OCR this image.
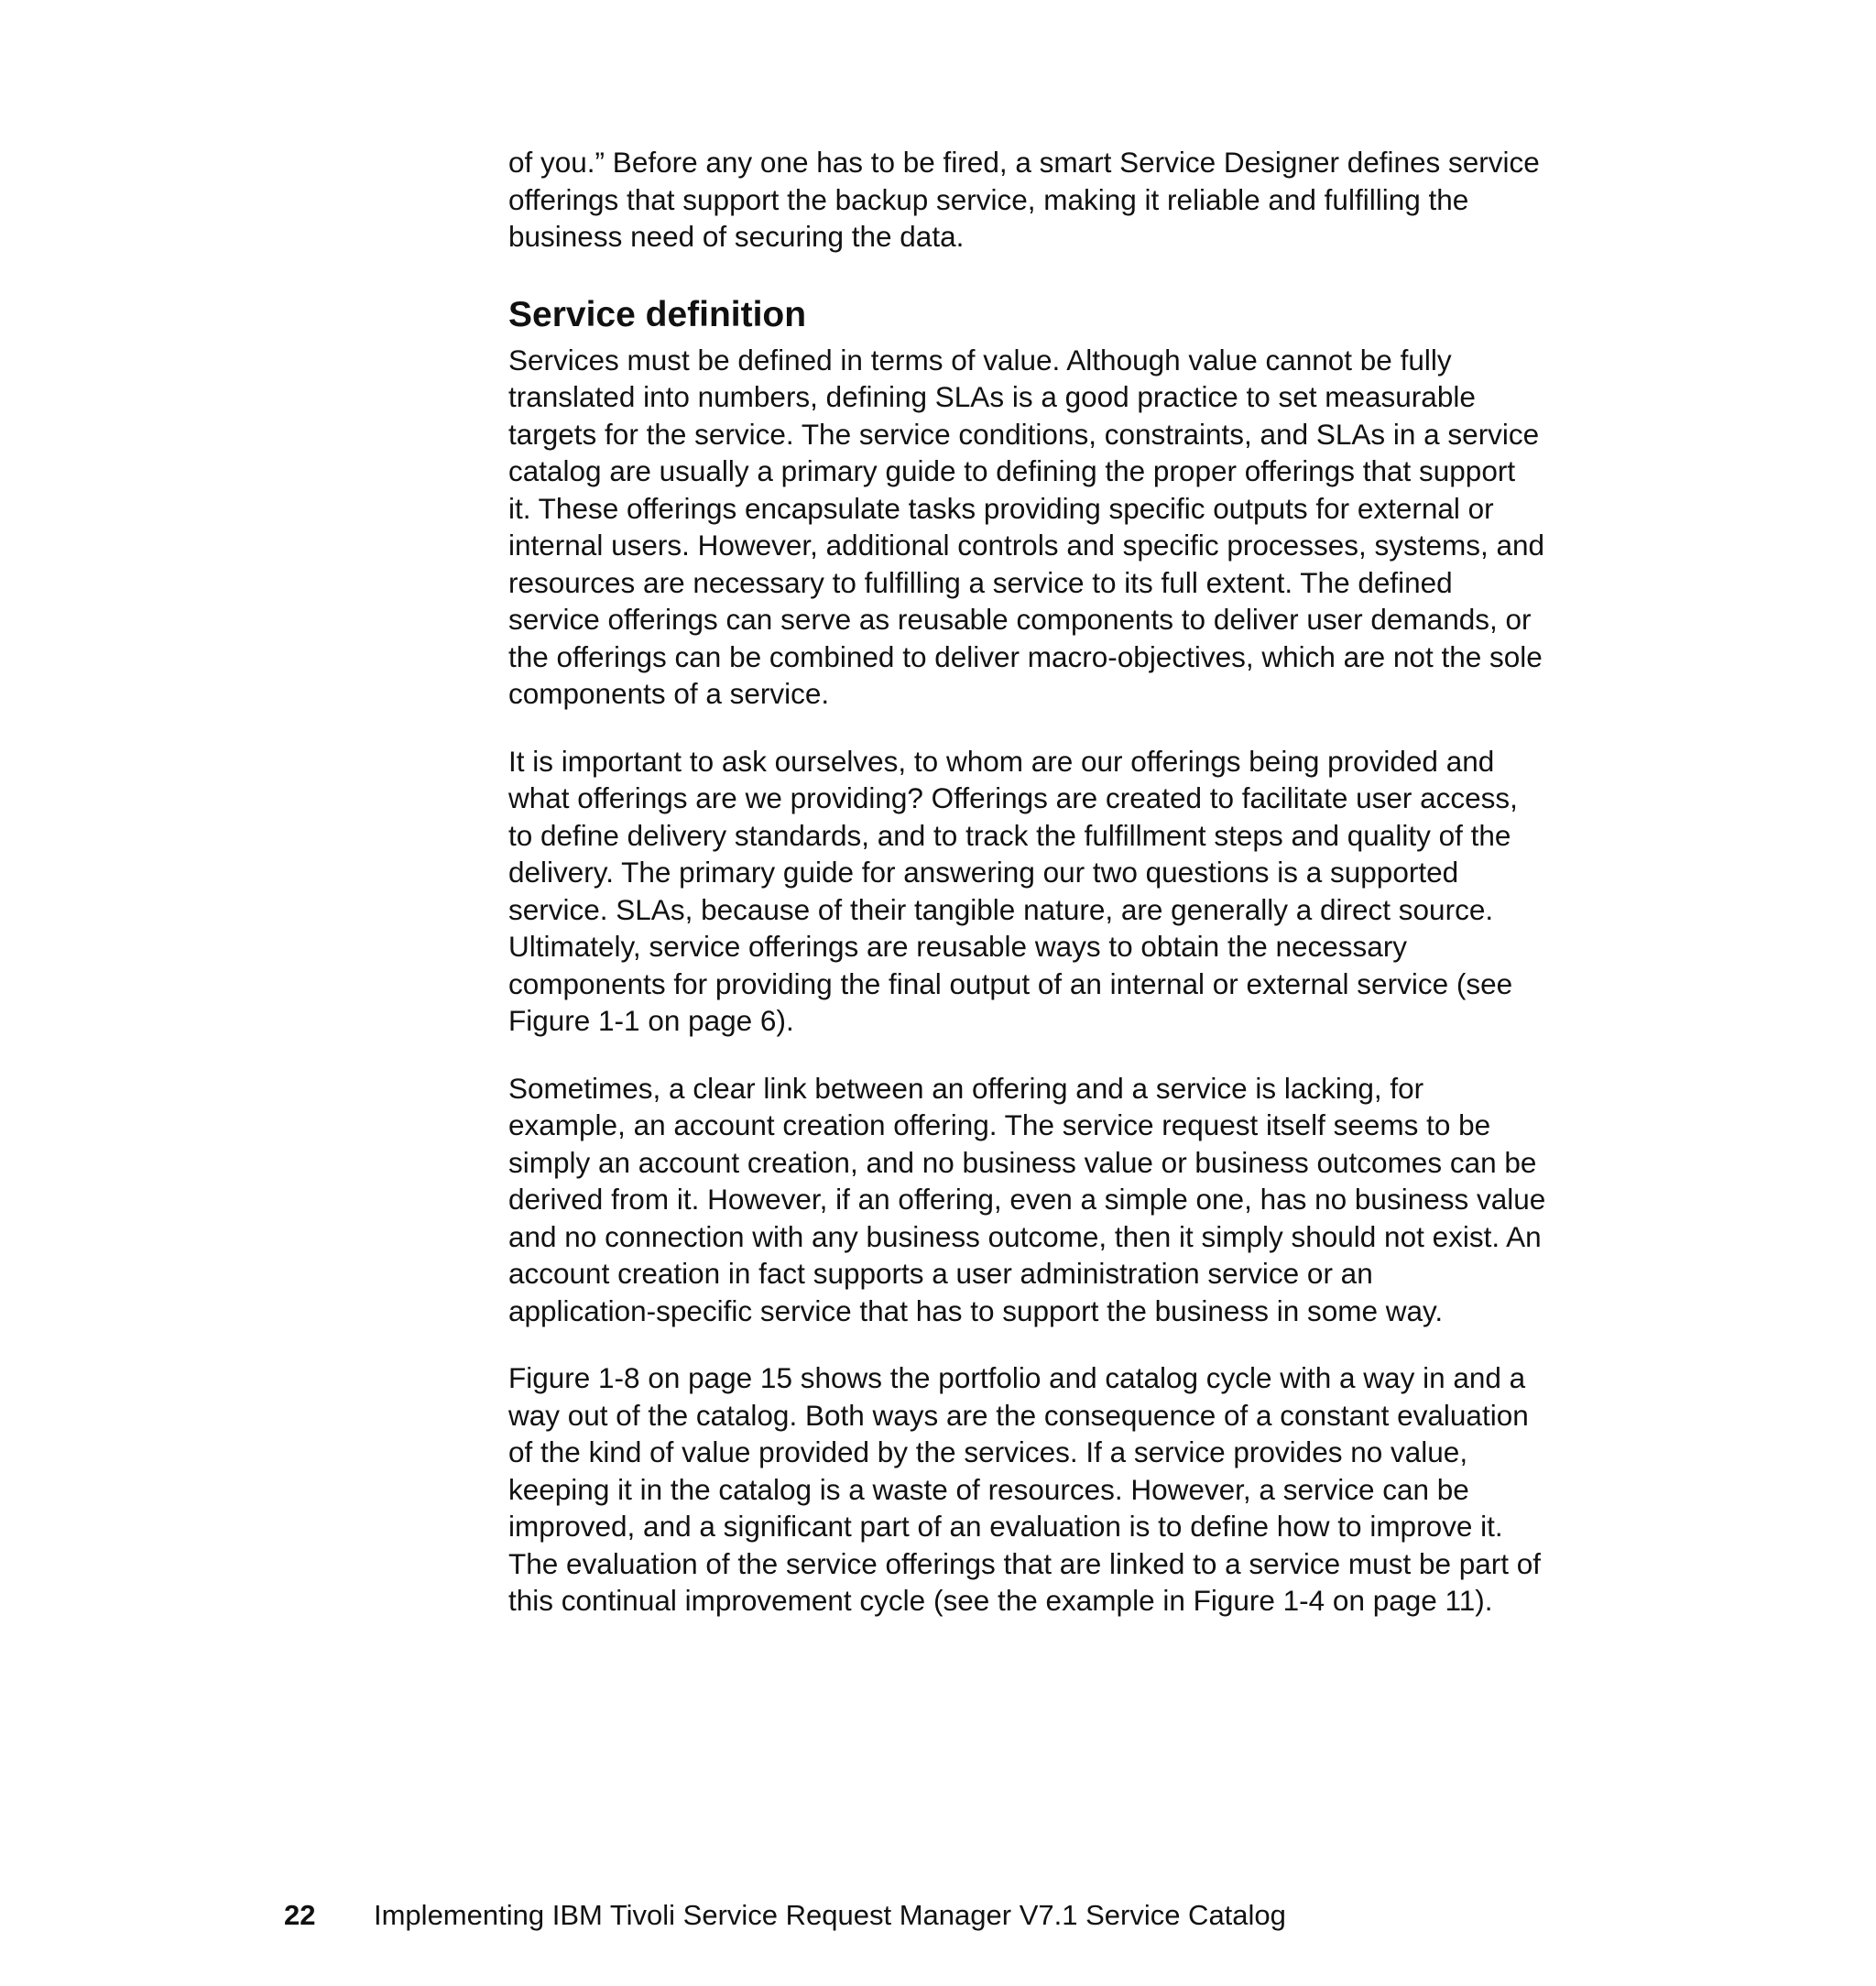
of you.” Before any one has to be fired, a smart Service Designer defines service
offerings that support the backup service, making it reliable and fulfilling the
business need of securing the data.

Service definition

Services must be defined in terms of value. Although value cannot be fully
translated into numbers, defining SLAs is a good practice to set measurable
targets for the service. The service conditions, constraints, and SLAs in a service
catalog are usually a primary guide to defining the proper offerings that support
it. These offerings encapsulate tasks providing specific outputs for external or
internal users. However, additional controls and specific processes, systems, and
resources are necessary to fulfilling a service to its full extent. The defined
service offerings can serve as reusable components to deliver user demands, or
the offerings can be combined to deliver macro-objectives, which are not the sole
components of a service.

It is important to ask ourselves, to whom are our offerings being provided and
what offerings are we providing? Offerings are created to facilitate user access,
to define delivery standards, and to track the fulfillment steps and quality of the
delivery. The primary guide for answering our two questions is a supported
service. SLAs, because of their tangible nature, are generally a direct source.
Ultimately, service offerings are reusable ways to obtain the necessary
components for providing the final output of an internal or external service (see
Figure 1-1 on page 6).

Sometimes, a clear link between an offering and a service is lacking, for
example, an account creation offering. The service request itself seems to be
simply an account creation, and no business value or business outcomes can be
derived from it. However, if an offering, even a simple one, has no business value
and no connection with any business outcome, then it simply should not exist. An
account creation in fact supports a user administration service or an
application-specific service that has to support the business in some way.

Figure 1-8 on page 15 shows the portfolio and catalog cycle with a way in and a
way out of the catalog. Both ways are the consequence of a constant evaluation
of the kind of value provided by the services. If a service provides no value,
keeping it in the catalog is a waste of resources. However, a service can be
improved, and a significant part of an evaluation is to define how to improve it.
The evaluation of the service offerings that are linked to a service must be part of
this continual improvement cycle (see the example in Figure 1-4 on page 11).

22 Implementing IBM Tivoli Service Request Manager V7.1 Service Catalog
